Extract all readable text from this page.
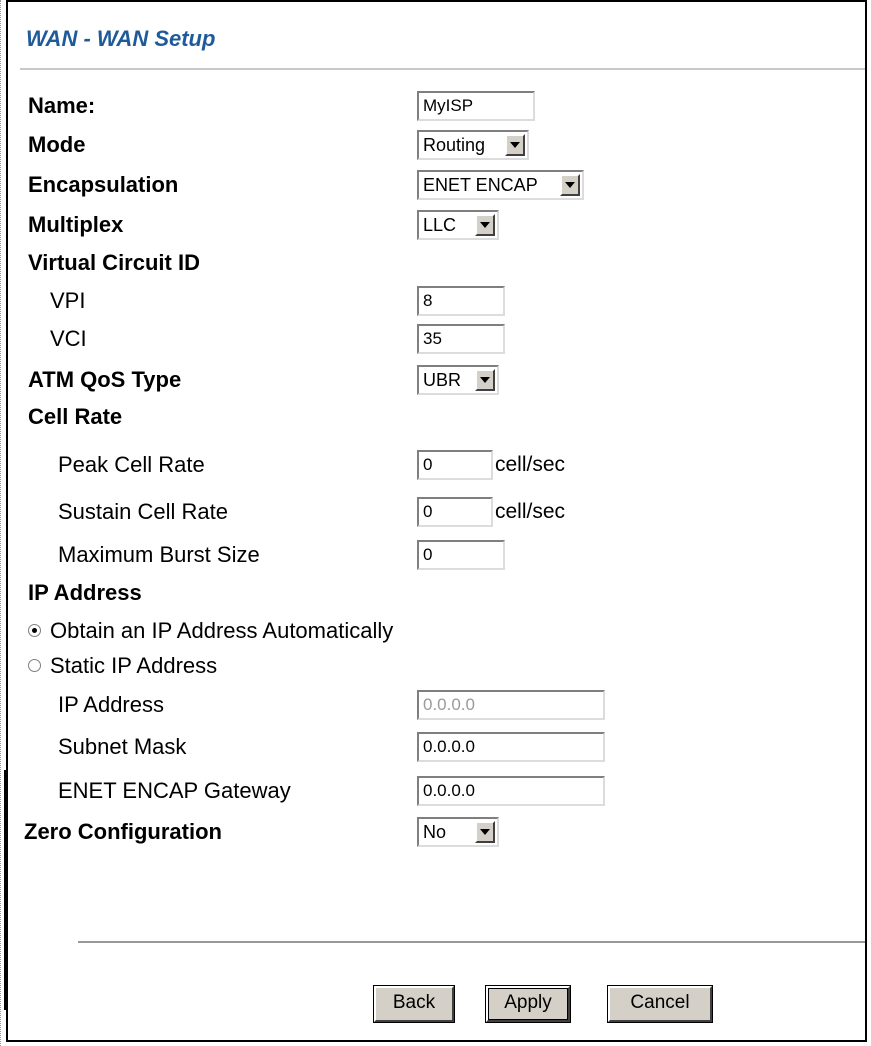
WAN - WAN Setup
Name:	MyISP
Mode	Routing
Encapsulation	ENET ENCAP
Multiplex	LLC
Virtual Circuit ID
VPI	8
VCI	35
ATM QoS Type	UBR
Cell Rate
Peak Cell Rate	0	cell/sec
Sustain Cell Rate	0	cell/sec
Maximum Burst Size	0
IP Address
Obtain an IP Address Automatically
Static IP Address
IP Address	0.0.0.0
Subnet Mask	0.0.0.0
ENET ENCAP Gateway	0.0.0.0
Zero Configuration	No
Back	Apply	Cancel
